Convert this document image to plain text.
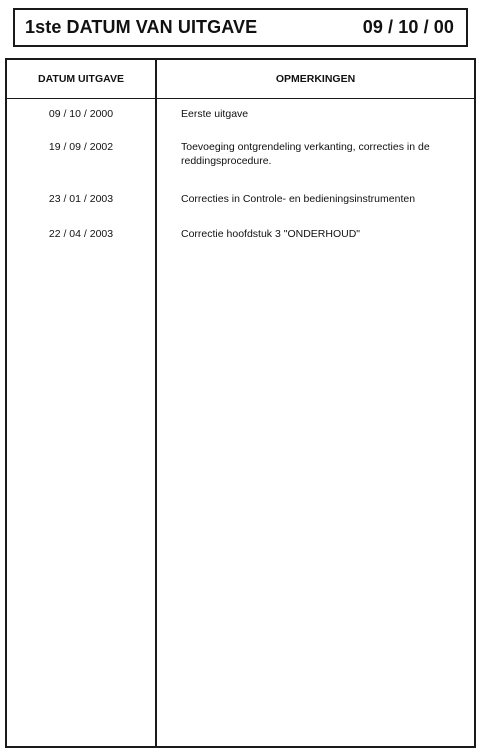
1ste DATUM VAN UITGAVE	09 / 10 / 00
DATUM UITGAVE	OPMERKINGEN
09 / 10 / 2000	Eerste uitgave
19 / 09 / 2002	Toevoeging ontgrendeling verkanting, correcties in de reddingsprocedure.
23 / 01 / 2003	Correcties in Controle- en bedieningsinstrumenten
22 / 04 / 2003	Correctie hoofdstuk 3 "ONDERHOUD"
